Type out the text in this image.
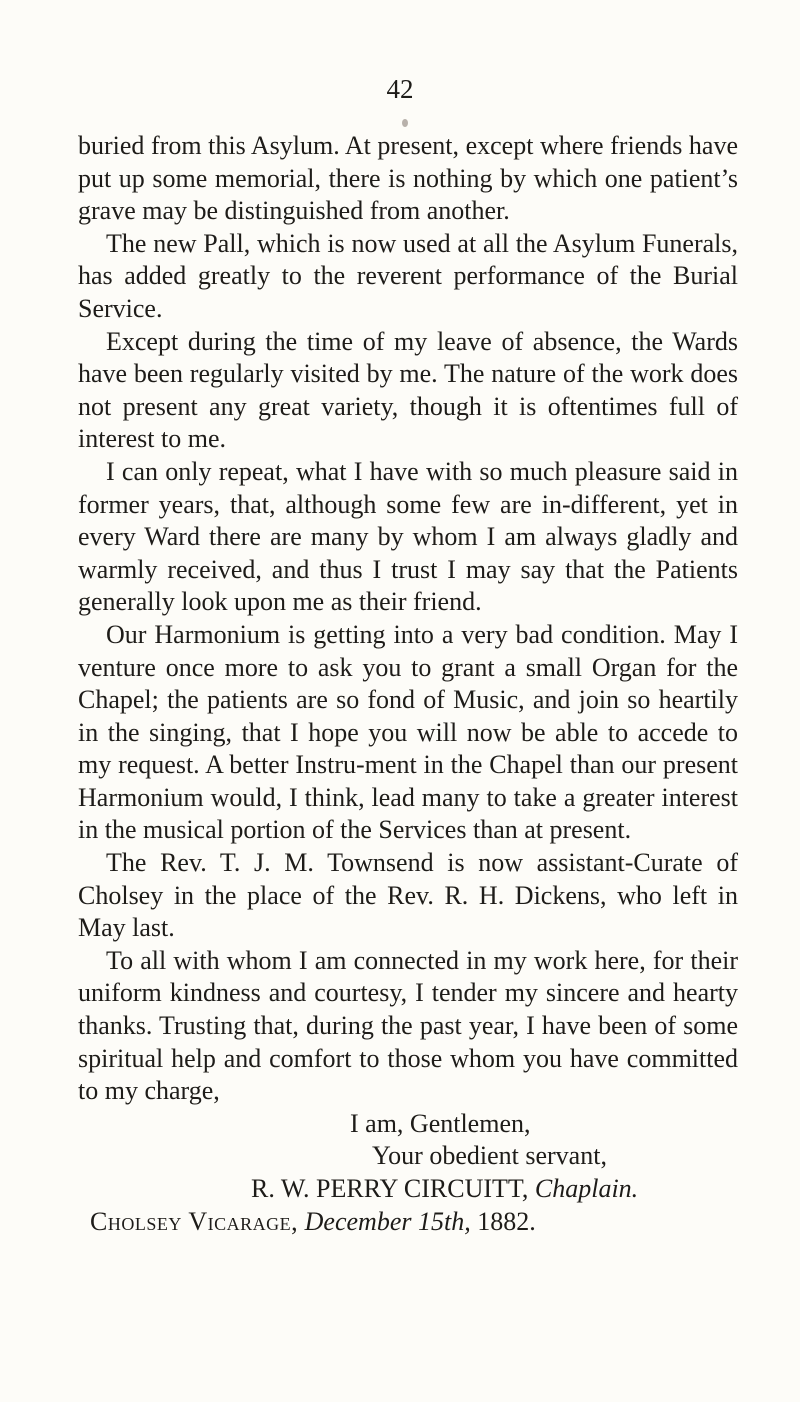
42

buried from this Asylum. At present, except where friends have put up some memorial, there is nothing by which one patient’s grave may be distinguished from another.

The new Pall, which is now used at all the Asylum Funerals, has added greatly to the reverent performance of the Burial Service.

Except during the time of my leave of absence, the Wards have been regularly visited by me. The nature of the work does not present any great variety, though it is oftentimes full of interest to me.

I can only repeat, what I have with so much pleasure said in former years, that, although some few are in-different, yet in every Ward there are many by whom I am always gladly and warmly received, and thus I trust I may say that the Patients generally look upon me as their friend.

Our Harmonium is getting into a very bad condition. May I venture once more to ask you to grant a small Organ for the Chapel; the patients are so fond of Music, and join so heartily in the singing, that I hope you will now be able to accede to my request. A better Instru-ment in the Chapel than our present Harmonium would, I think, lead many to take a greater interest in the musical portion of the Services than at present.

The Rev. T. J. M. Townsend is now assistant-Curate of Cholsey in the place of the Rev. R. H. Dickens, who left in May last.

To all with whom I am connected in my work here, for their uniform kindness and courtesy, I tender my sincere and hearty thanks. Trusting that, during the past year, I have been of some spiritual help and comfort to those whom you have committed to my charge,

I am, Gentlemen,

Your obedient servant,

R. W. PERRY CIRCUITT, Chaplain.

Cholsey Vicarage, December 15th, 1882.
